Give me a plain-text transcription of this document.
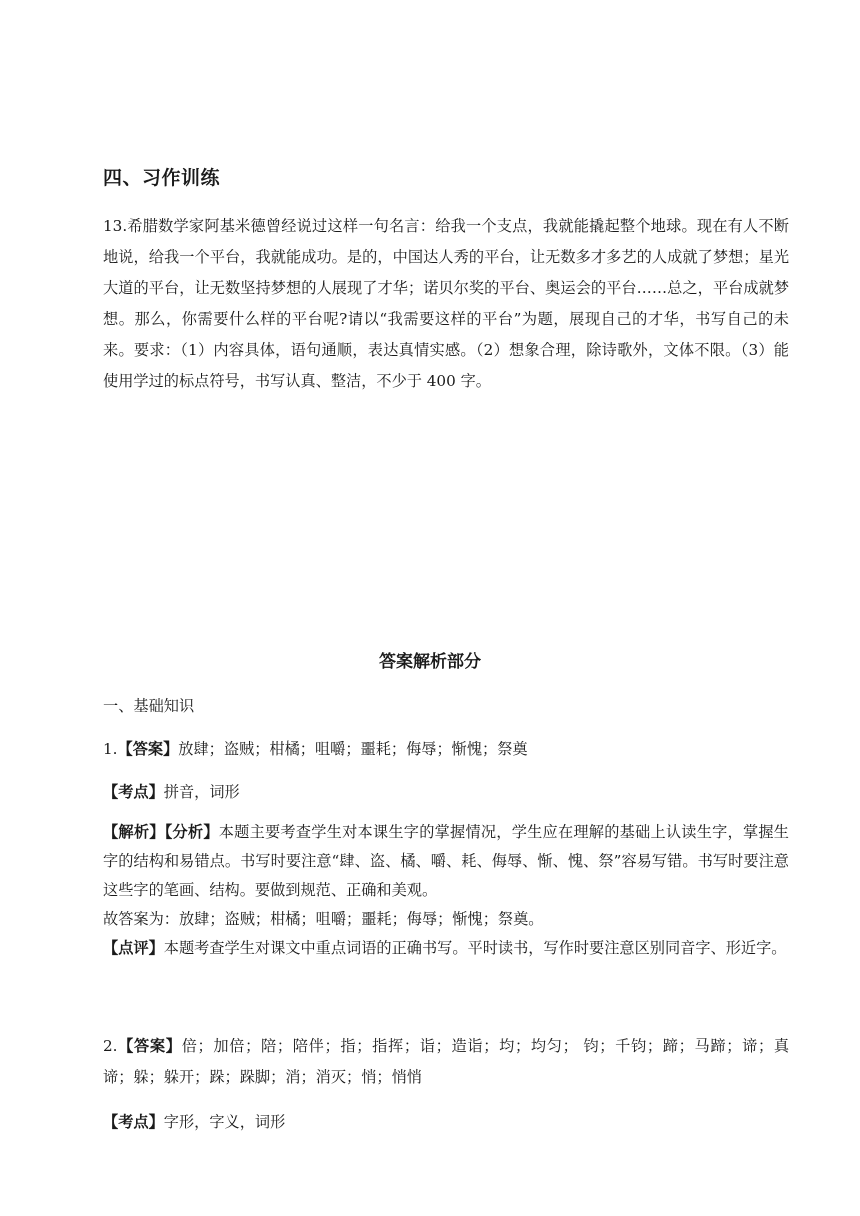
四、习作训练
13.希腊数学家阿基米德曾经说过这样一句名言：给我一个支点，我就能撬起整个地球。现在有人不断地说，给我一个平台，我就能成功。是的，中国达人秀的平台，让无数多才多艺的人成就了梦想；星光大道的平台，让无数坚持梦想的人展现了才华；诺贝尔奖的平台、奥运会的平台……总之，平台成就梦想。那么，你需要什么样的平台呢?请以“我需要这样的平台”为题，展现自己的才华，书写自己的未来。要求：（1）内容具体，语句通顺，表达真情实感。（2）想象合理，除诗歌外，文体不限。（3）能使用学过的标点符号，书写认真、整洁，不少于 400 字。
答案解析部分
一、基础知识
1.【答案】放肆；盗贼；柑橘；咀嚼；噩耗；侮辱；惭愧；祭奠
【考点】拼音，词形
【解析】【分析】本题主要考查学生对本课生字的掌握情况，学生应在理解的基础上认读生字，掌握生字的结构和易错点。书写时要注意“肆、盗、橘、嚼、耗、侮辱、惭、愧、祭”容易写错。书写时要注意这些字的笔画、结构。要做到规范、正确和美观。
故答案为：放肆；盗贼；柑橘；咀嚼；噩耗；侮辱；惭愧；祭奠。
【点评】本题考查学生对课文中重点词语的正确书写。平时读书，写作时要注意区别同音字、形近字。
2.【答案】倍；加倍；陪；陪伴；指；指挥；诣；造诣；均；均匀； 钧；千钧；蹄；马蹄；谛；真谛；躲；躲开；跺；跺脚；消；消灭；悄；悄悄
【考点】字形，字义，词形
